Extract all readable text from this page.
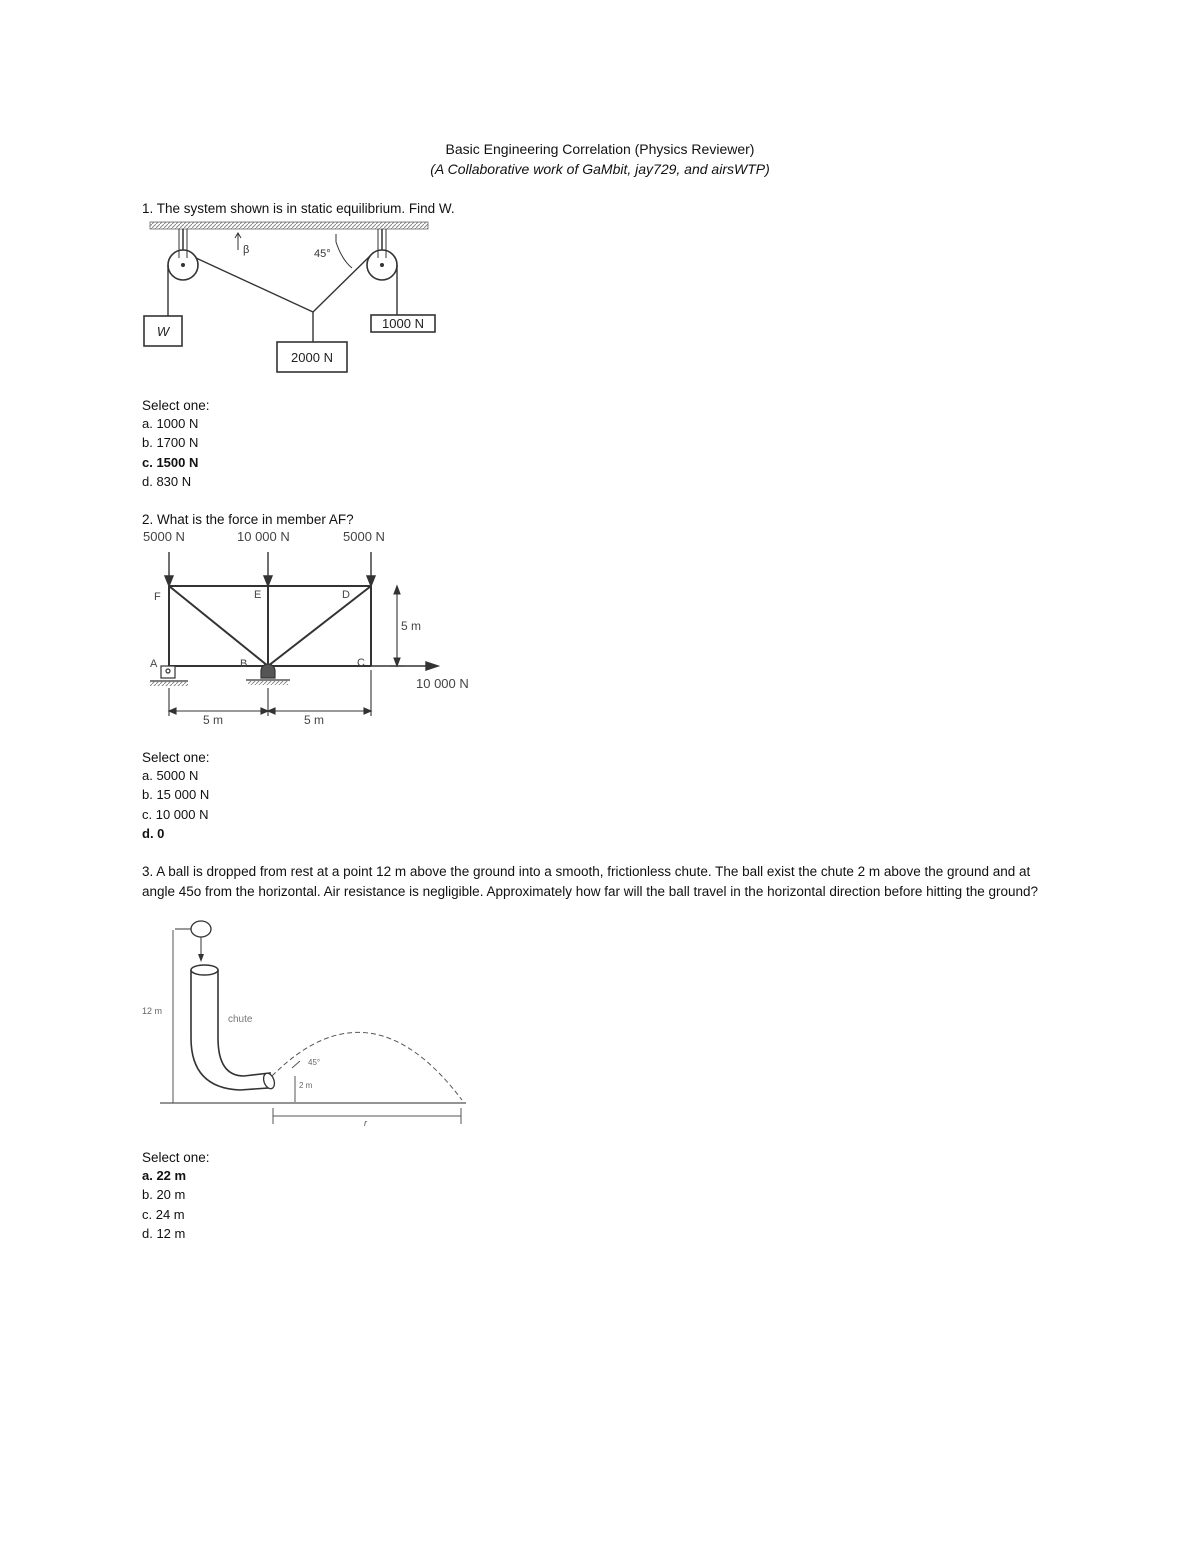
Basic Engineering Correlation (Physics Reviewer)
(A Collaborative work of GaMbit, jay729, and airsWTP)
1. The system shown is in static equilibrium. Find W.
β	45°
W
2000 N
1000 N
Select one:
a. 1000 N
b. 1700 N
c. 1500 N
d. 830 N
2. What is the force in member AF?
5000 N	10 000 N	5000 N
F	E	D
A	B	C
5 m
10 000 N
5 m	5 m
Select one:
a. 5000 N
b. 15 000 N
c. 10 000 N
d. 0
3. A ball is dropped from rest at a point 12 m above the ground into a smooth, frictionless chute. The ball exist the chute 2 m above the ground and at angle 45o from the horizontal. Air resistance is negligible. Approximately how far will the ball travel in the horizontal direction before hitting the ground?
12 m
chute
45°
2 m
r
Select one:
a. 22 m
b. 20 m
c. 24 m
d. 12 m
